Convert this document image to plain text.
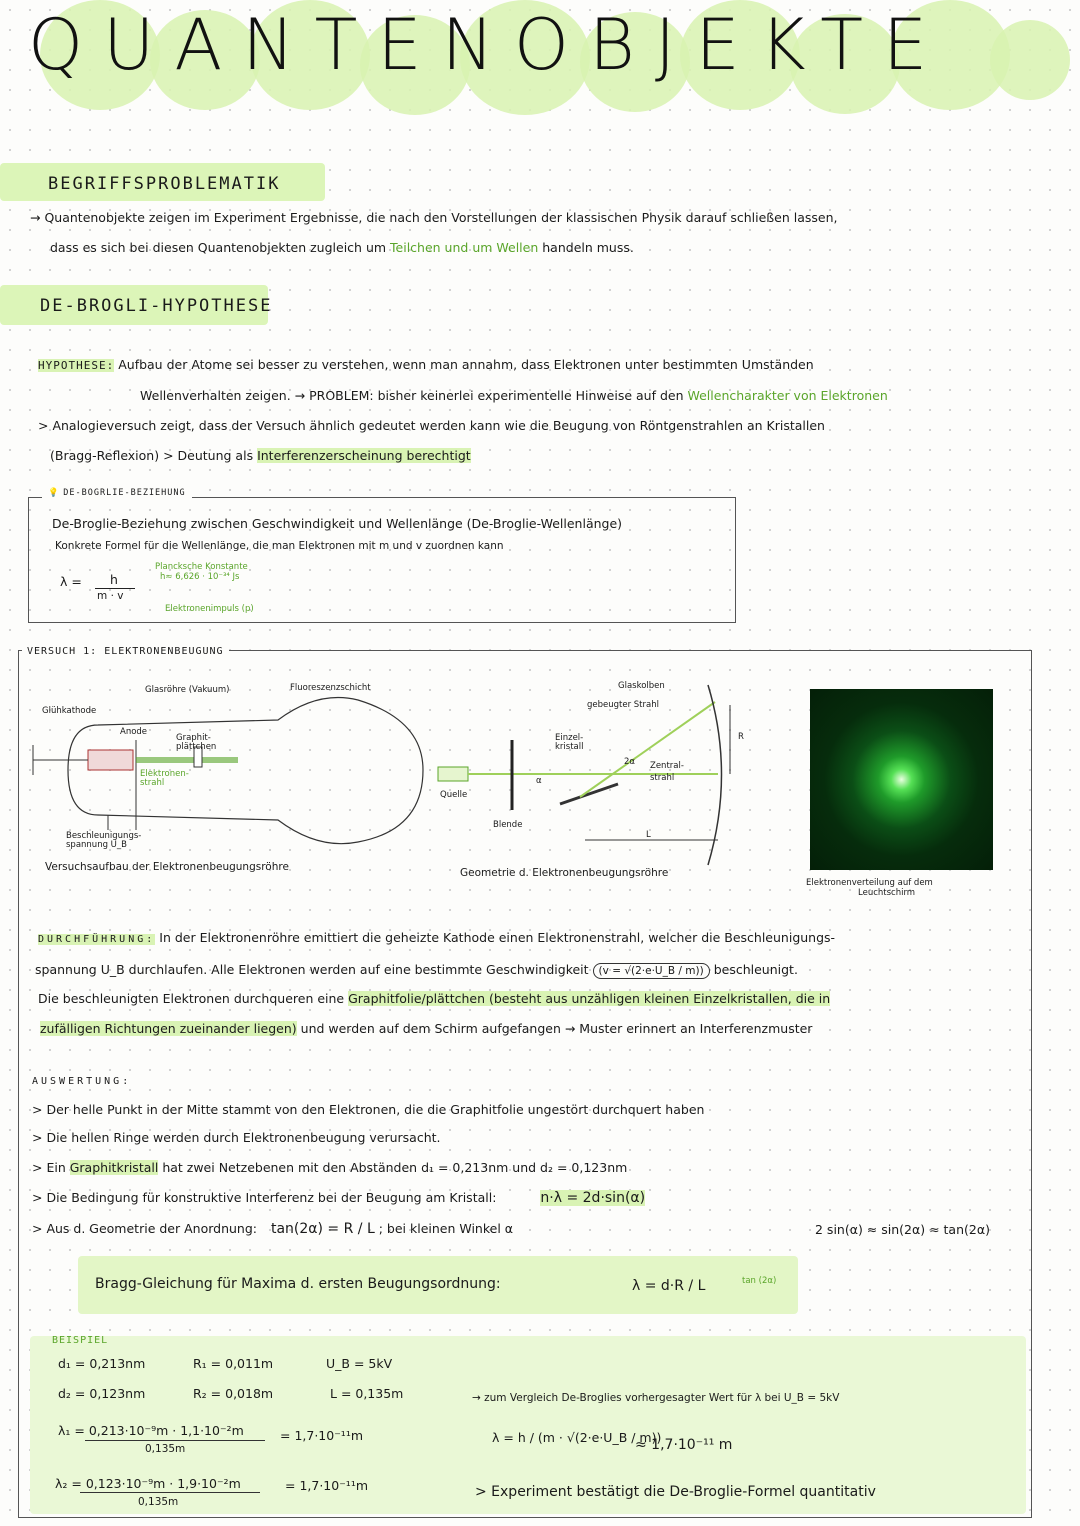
QUANTENOBJEKTE
BEGRIFFSPROBLEMATIK
→ Quantenobjekte zeigen im Experiment Ergebnisse, die nach den Vorstellungen der klassischen Physik darauf schließen lassen,
dass es sich bei diesen Quantenobjekten zugleich um Teilchen und um Wellen handeln muss.
DE-BROGLI-HYPOTHESE
HYPOTHESE: Aufbau der Atome sei besser zu verstehen, wenn man annahm, dass Elektronen unter bestimmten Umständen
Wellenverhalten zeigen. → PROBLEM: bisher keinerlei experimentelle Hinweise auf den Wellencharakter von Elektronen
> Analogieversuch zeigt, dass der Versuch ähnlich gedeutet werden kann wie die Beugung von Röntgenstrahlen an Kristallen
(Bragg-Reflexion) > Deutung als Interferenzerscheinung berechtigt
💡 DE-BOGRLIE-BEZIEHUNG
De-Broglie-Beziehung zwischen Geschwindigkeit und Wellenlänge (De-Broglie-Wellenlänge)
Konkrete Formel für die Wellenlänge, die man Elektronen mit m und v zuordnen kann
λ = h
m · v
Plancksche Konstante
h≈ 6,626 · 10⁻³⁴ Js
Elektronenimpuls (p)
VERSUCH 1: ELEKTRONENBEUGUNG
Glühkathode
Glasröhre (Vakuum)	Fluoreszenzschicht
Anode
Graphit-plättchen
Elektronen-strahl
Beschleunigungs-spannung U_B
Versuchsaufbau der Elektronenbeugungsröhre
Glaskolben
gebeugter Strahl
Einzel-kristall
2α Zentral-strahl
Quelle
Blende
α
R
L
Geometrie d. Elektronenbeugungsröhre
Elektronenverteilung auf dem
Leuchtschirm
DURCHFÜHRUNG: In der Elektronenröhre emittiert die geheizte Kathode einen Elektronenstrahl, welcher die Beschleunigungs-
spannung U_B durchlaufen. Alle Elektronen werden auf eine bestimmte Geschwindigkeit (v = √(2·e·U_B / m)) beschleunigt.
Die beschleunigten Elektronen durchqueren eine Graphitfolie/plättchen (besteht aus unzähligen kleinen Einzelkristallen, die in
zufälligen Richtungen zueinander liegen) und werden auf dem Schirm aufgefangen → Muster erinnert an Interferenzmuster
AUSWERTUNG:
> Der helle Punkt in der Mitte stammt von den Elektronen, die die Graphitfolie ungestört durchquert haben
> Die hellen Ringe werden durch Elektronenbeugung verursacht.
> Ein Graphitkristall hat zwei Netzebenen mit den Abständen d₁ = 0,213nm und d₂ = 0,123nm
> Die Bedingung für konstruktive Interferenz bei der Beugung am Kristall:	n·λ = 2d·sin(α)
> Aus d. Geometrie der Anordnung: tan(2α) = R / L ; bei kleinen Winkel α	2 sin(α) ≈ sin(2α) ≈ tan(2α)
Bragg-Gleichung für Maxima d. ersten Beugungsordnung:	λ = d·R / L	tan (2α)
BEISPIEL
d₁ = 0,213nm
d₂ = 0,123nm
R₁ = 0,011m
R₂ = 0,018m
U_B = 5kV
L = 0,135m
λ₁ = 0,213·10⁻⁹m · 1,1·10⁻²m
0,135m
= 1,7·10⁻¹¹m
λ₂ = 0,123·10⁻⁹m · 1,9·10⁻²m
0,135m
= 1,7·10⁻¹¹m
→ zum Vergleich De-Broglies vorhergesagter Wert für λ bei U_B = 5kV
λ = h / (m · √(2·e·U_B / m))
≈ 1,7·10⁻¹¹ m
> Experiment bestätigt die De-Broglie-Formel quantitativ
